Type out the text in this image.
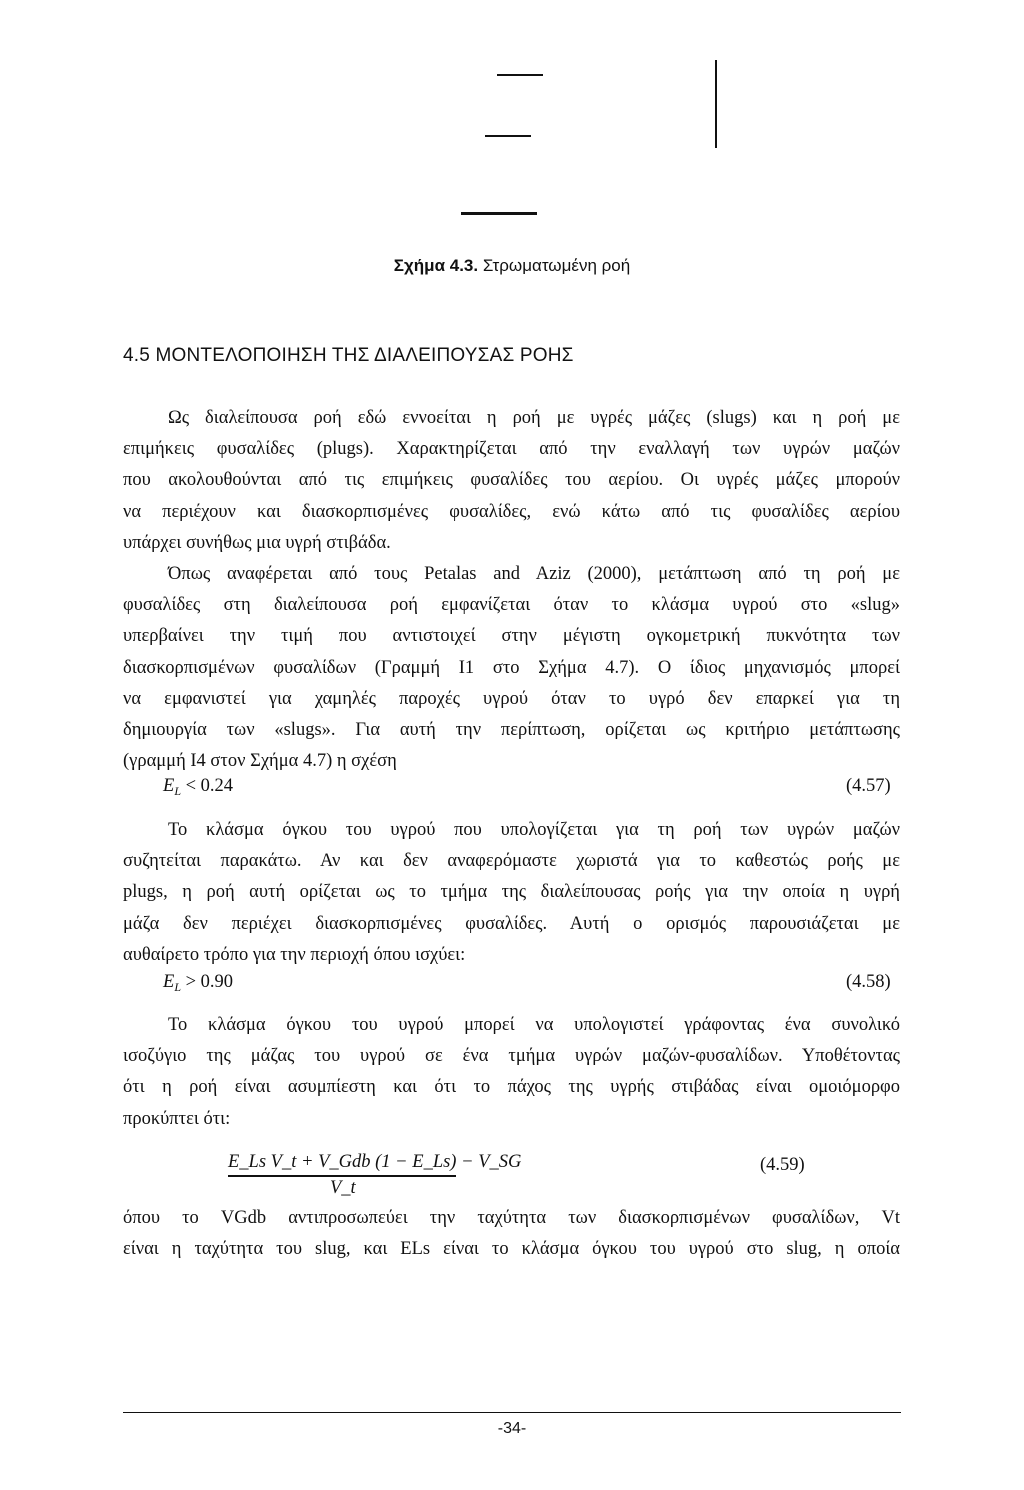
Σχήμα 4.3. Στρωματωμένη ροή
4.5 ΜΟΝΤΕΛΟΠΟΙΗΣΗ ΤΗΣ ΔΙΑΛΕΙΠΟΥΣΑΣ ΡΟΗΣ
Ως διαλείπουσα ροή εδώ εννοείται η ροή με υγρές μάζες (slugs) και η ροή με
επιμήκεις φυσαλίδες (plugs). Χαρακτηρίζεται από την εναλλαγή των υγρών μαζών
που ακολουθούνται από τις επιμήκεις φυσαλίδες του αερίου. Οι υγρές μάζες μπορούν
να περιέχουν και διασκορπισμένες φυσαλίδες, ενώ κάτω από τις φυσαλίδες αερίου
υπάρχει συνήθως μια υγρή στιβάδα.
Όπως αναφέρεται από τους Petalas and Aziz (2000), μετάπτωση από τη ροή με
φυσαλίδες στη διαλείπουσα ροή εμφανίζεται όταν το κλάσμα υγρού στο «slug»
υπερβαίνει την τιμή που αντιστοιχεί στην μέγιστη ογκομετρική πυκνότητα των
διασκορπισμένων φυσαλίδων (Γραμμή I1 στο Σχήμα 4.7). Ο ίδιος μηχανισμός μπορεί
να εμφανιστεί για χαμηλές παροχές υγρού όταν το υγρό δεν επαρκεί για τη
δημιουργία των «slugs». Για αυτή την περίπτωση, ορίζεται ως κριτήριο μετάπτωσης
(γραμμή I4 στον Σχήμα 4.7) η σχέση
$E_L < 0.24$	(4.57)
Το κλάσμα όγκου του υγρού που υπολογίζεται για τη ροή των υγρών μαζών
συζητείται παρακάτω. Αν και δεν αναφερόμαστε χωριστά για το καθεστώς ροής με
plugs, η ροή αυτή ορίζεται ως το τμήμα της διαλείπουσας ροής για την οποία η υγρή
μάζα δεν περιέχει διασκορπισμένες φυσαλίδες. Αυτή ο ορισμός παρουσιάζεται με
αυθαίρετο τρόπο για την περιοχή όπου ισχύει:
$E_L > 0.90$	(4.58)
Το κλάσμα όγκου του υγρού μπορεί να υπολογιστεί γράφοντας ένα συνολικό
ισοζύγιο της μάζας του υγρού σε ένα τμήμα υγρών μαζών-φυσαλίδων. Υποθέτοντας
ότι η ροή είναι ασυμπίεστη και ότι το πάχος της υγρής στιβάδας είναι ομοιόμορφο
προκύπτει ότι:
E_Ls V_t + V_Gdb (1 − E_Ls) − V_SG
V_t
(4.59)
όπου το VGdb αντιπροσωπεύει την ταχύτητα των διασκορπισμένων φυσαλίδων, Vt
είναι η ταχύτητα του slug, και ELs είναι το κλάσμα όγκου του υγρού στο slug, η οποία
-34-
